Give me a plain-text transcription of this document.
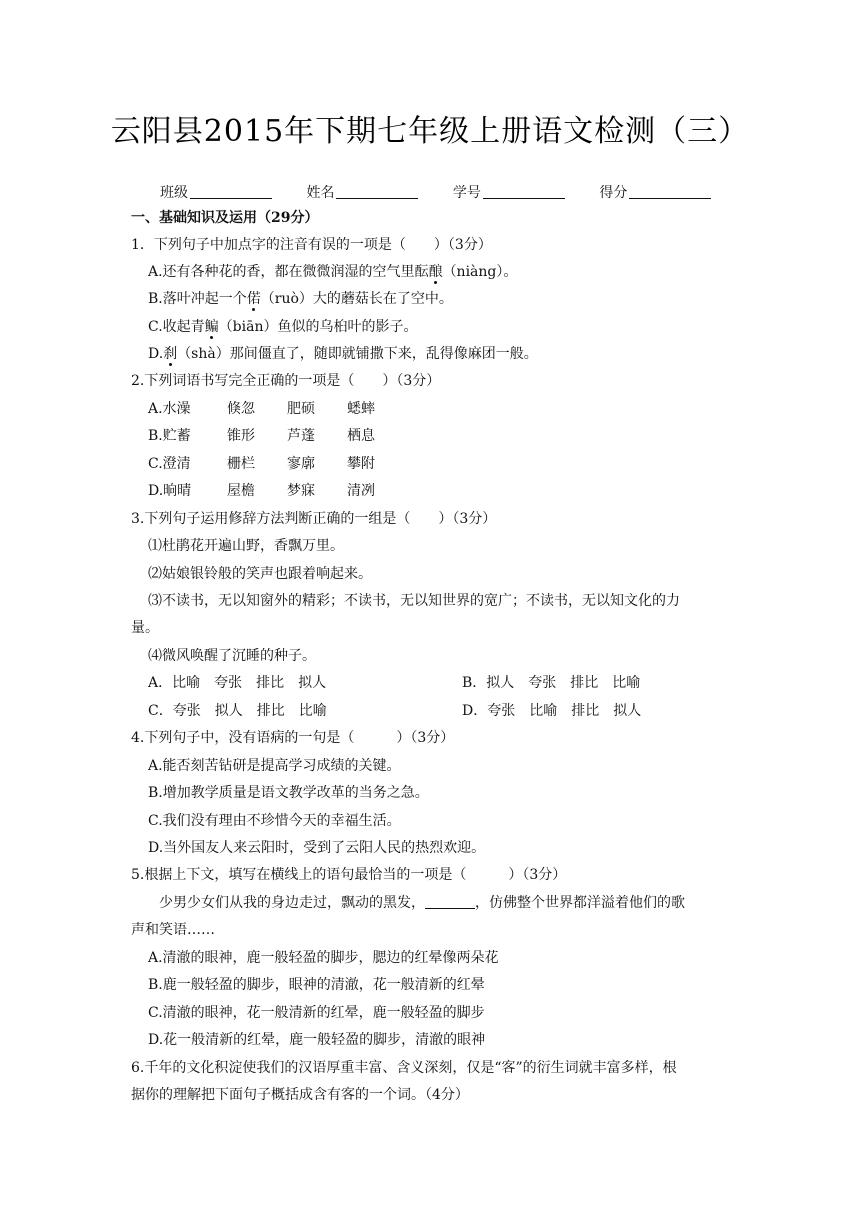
云阳县2015年下期七年级上册语文检测（三）
班级	姓名	学号	得分
一、基础知识及运用（29分）
1．下列句子中加点字的注音有误的一项是（　　）（3分）
A.还有各种花的香，都在微微润湿的空气里酝酿（niàng）。
B.落叶冲起一个偌（ruò）大的蘑菇长在了空中。
C.收起青鳊（biān）鱼似的乌桕叶的影子。
D.刹（shà）那间僵直了，随即就铺撒下来，乱得像麻团一般。
2.下列词语书写完全正确的一项是（　　）（3分）
A.水澡	倏忽 肥硕 蟋蟀
B.贮蓄	锥形 芦蓬 栖息
C.澄清	栅栏 寥廓 攀附
D.晌晴	屋檐 梦寐 清冽
3.下列句子运用修辞方法判断正确的一组是（　　）（3分）
⑴杜鹃花开遍山野，香飘万里。
⑵姑娘银铃般的笑声也跟着响起来。
⑶不读书，无以知窗外的精彩；不读书，无以知世界的宽广；不读书，无以知文化的力
量。
⑷微风唤醒了沉睡的种子。
A．比喻　夸张　排比　拟人	B．拟人　夸张　排比　比喻
C．夸张　拟人　排比　比喻	D．夸张　比喻　排比　拟人
4.下列句子中，没有语病的一句是（　　　）（3分）
A.能否刻苦钻研是提高学习成绩的关键。
B.增加教学质量是语文教学改革的当务之急。
C.我们没有理由不珍惜今天的幸福生活。
D.当外国友人来云阳时，受到了云阳人民的热烈欢迎。
5.根据上下文，填写在横线上的语句最恰当的一项是（　　　）（3分）
少男少女们从我的身边走过，飘动的黑发，	，仿佛整个世界都洋溢着他们的歌
声和笑语……
A.清澈的眼神，鹿一般轻盈的脚步，腮边的红晕像两朵花
B.鹿一般轻盈的脚步，眼神的清澈，花一般清新的红晕
C.清澈的眼神，花一般清新的红晕，鹿一般轻盈的脚步
D.花一般清新的红晕，鹿一般轻盈的脚步，清澈的眼神
6.千年的文化积淀使我们的汉语厚重丰富、含义深刻，仅是“客”的衍生词就丰富多样，根
据你的理解把下面句子概括成含有客的一个词。（4分）
